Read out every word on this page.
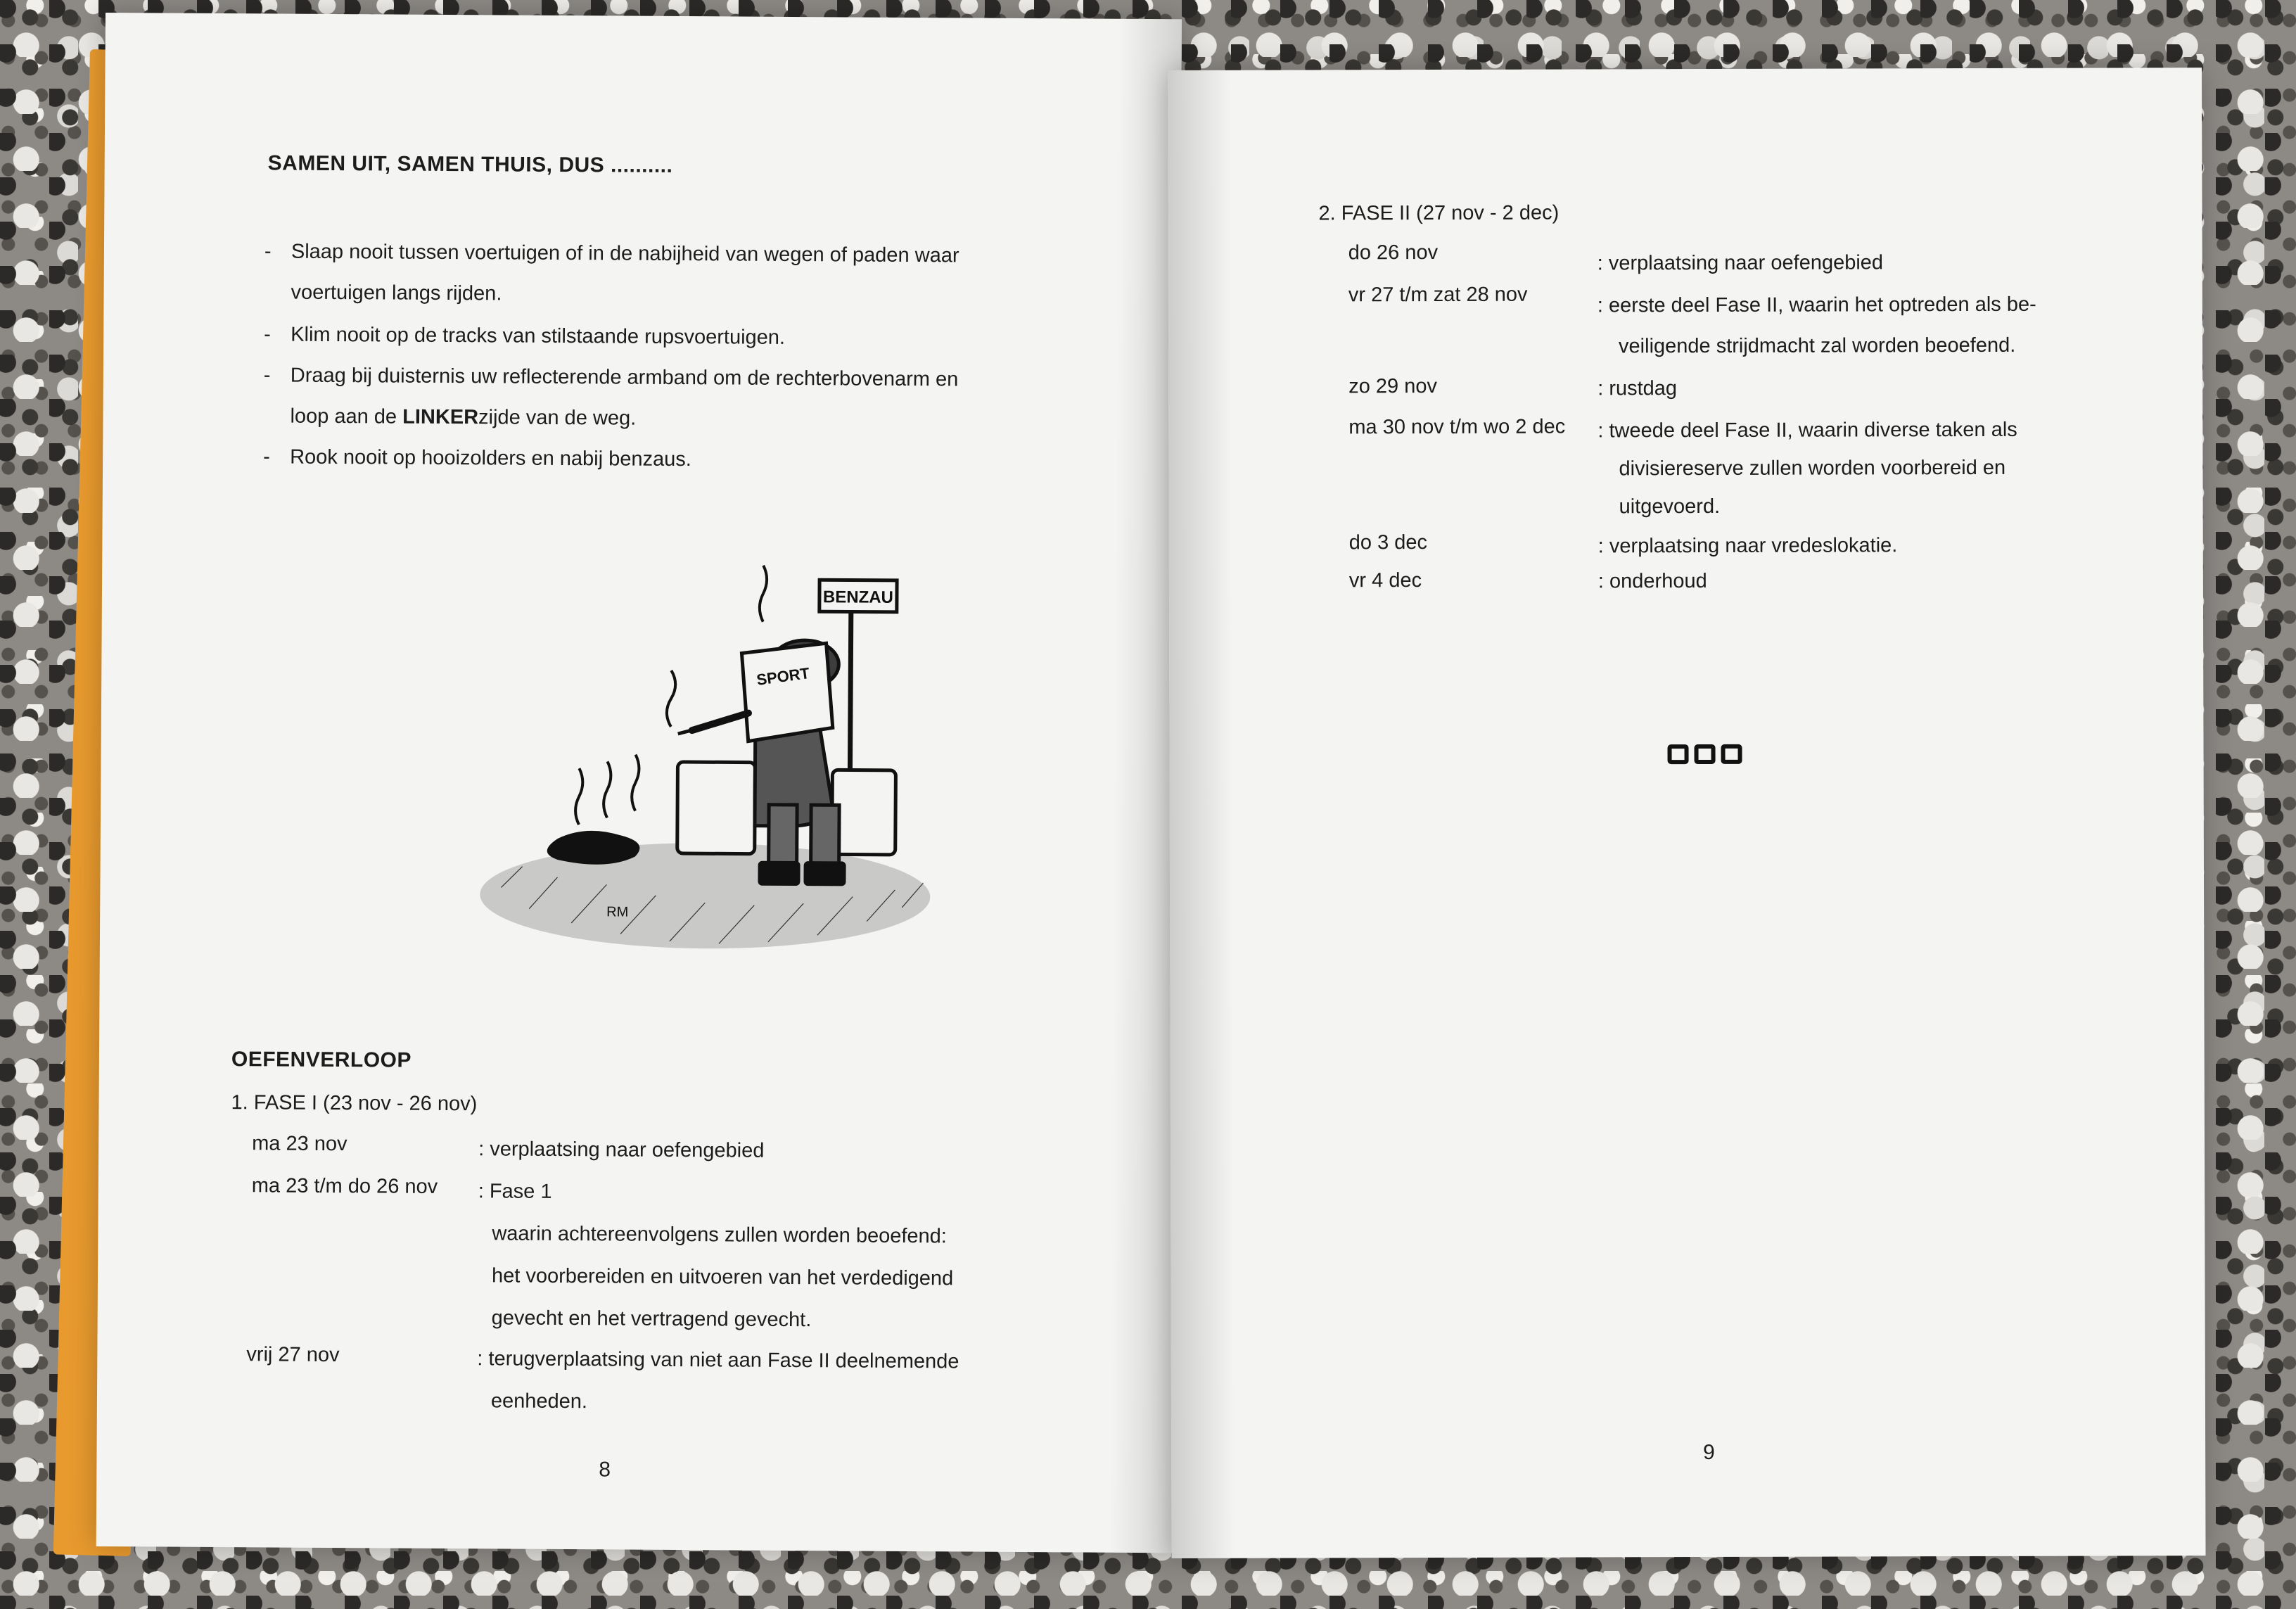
SAMEN UIT, SAMEN THUIS, DUS ..........
- Slaap nooit tussen voertuigen of in de nabijheid van wegen of paden waar
voertuigen langs rijden.
- Klim nooit op de tracks van stilstaande rupsvoertuigen.
- Draag bij duisternis uw reflecterende armband om de rechterbovenarm en
loop aan de LINKERzijde van de weg.
- Rook nooit op hooizolders en nabij benzaus.
BENZAU
SPORT
RM
OEFENVERLOOP
1. FASE I (23 nov - 26 nov)
ma 23 nov	: verplaatsing naar oefengebied
ma 23 t/m do 26 nov : Fase 1
waarin achtereenvolgens zullen worden beoefend:
het voorbereiden en uitvoeren van het verdedigend
gevecht en het vertragend gevecht.
vrij 27 nov	: terugverplaatsing van niet aan Fase II deelnemende
eenheden.
8
2. FASE II (27 nov - 2 dec)
do 26 nov	: verplaatsing naar oefengebied
vr 27 t/m zat 28 nov	: eerste deel Fase II, waarin het optreden als be-
veiligende strijdmacht zal worden beoefend.
zo 29 nov	: rustdag
ma 30 nov t/m wo 2 dec : tweede deel Fase II, waarin diverse taken als
divisiereserve zullen worden voorbereid en
uitgevoerd.
do 3 dec	: verplaatsing naar vredeslokatie.
vr 4 dec	: onderhoud
9
